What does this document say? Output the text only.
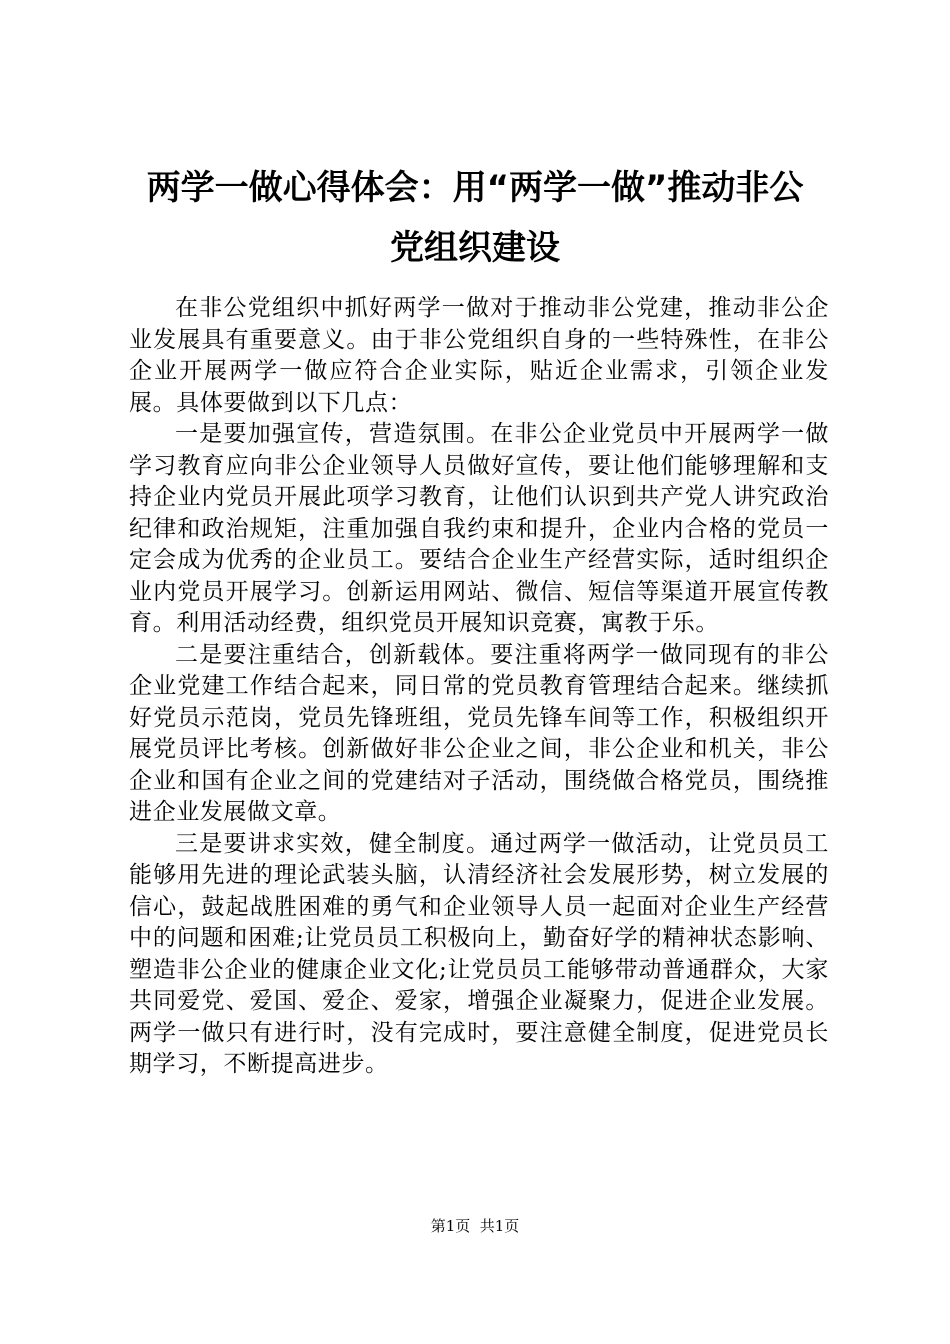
两学一做心得体会：用“两学一做”推动非公
党组织建设

在非公党组织中抓好两学一做对于推动非公党建，推动非公企业发展具有重要意义。由于非公党组织自身的一些特殊性，在非公企业开展两学一做应符合企业实际，贴近企业需求，引领企业发展。具体要做到以下几点：

一是要加强宣传，营造氛围。在非公企业党员中开展两学一做学习教育应向非公企业领导人员做好宣传，要让他们能够理解和支持企业内党员开展此项学习教育，让他们认识到共产党人讲究政治纪律和政治规矩，注重加强自我约束和提升，企业内合格的党员一定会成为优秀的企业员工。要结合企业生产经营实际，适时组织企业内党员开展学习。创新运用网站、微信、短信等渠道开展宣传教育。利用活动经费，组织党员开展知识竞赛，寓教于乐。

二是要注重结合，创新载体。要注重将两学一做同现有的非公企业党建工作结合起来，同日常的党员教育管理结合起来。继续抓好党员示范岗，党员先锋班组，党员先锋车间等工作，积极组织开展党员评比考核。创新做好非公企业之间，非公企业和机关，非公企业和国有企业之间的党建结对子活动，围绕做合格党员，围绕推进企业发展做文章。

三是要讲求实效，健全制度。通过两学一做活动，让党员员工能够用先进的理论武装头脑，认清经济社会发展形势，树立发展的信心，鼓起战胜困难的勇气和企业领导人员一起面对企业生产经营中的问题和困难;让党员员工积极向上，勤奋好学的精神状态影响、塑造非公企业的健康企业文化;让党员员工能够带动普通群众，大家共同爱党、爱国、爱企、爱家，增强企业凝聚力，促进企业发展。两学一做只有进行时，没有完成时，要注意健全制度，促进党员长期学习，不断提高进步。

第1页  共1页
